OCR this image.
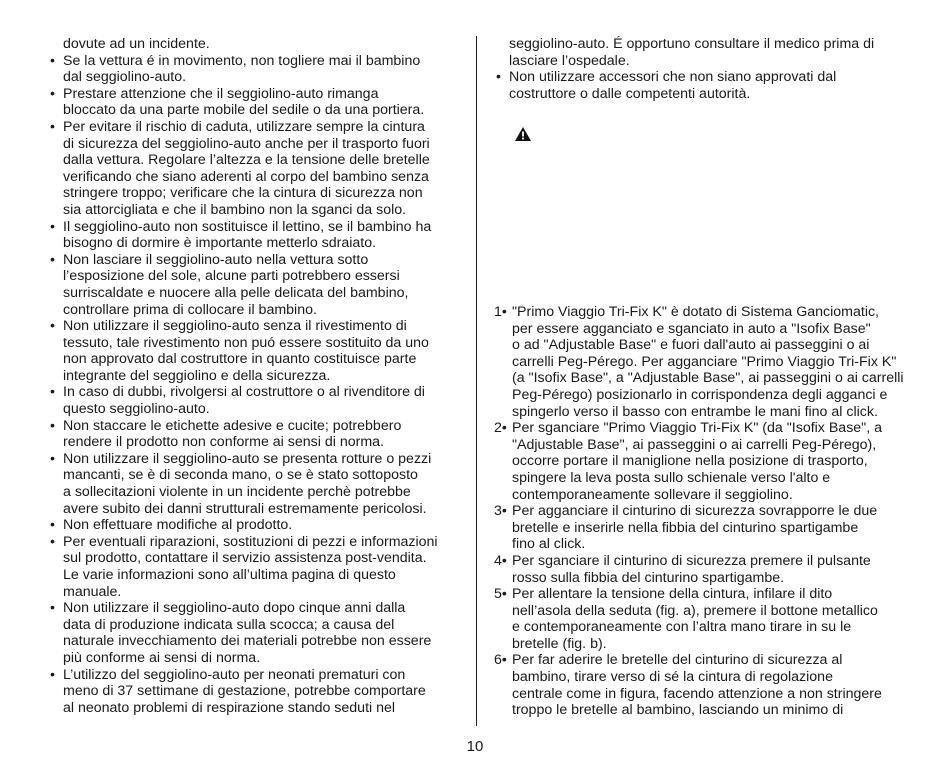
dovute ad un incidente.
• Se la vettura é in movimento, non togliere mai il bambino
dal seggiolino-auto.
• Prestare attenzione che il seggiolino-auto rimanga
bloccato da una parte mobile del sedile o da una portiera.
• Per evitare il rischio di caduta, utilizzare sempre la cintura
di sicurezza del seggiolino-auto anche per il trasporto fuori
dalla vettura. Regolare l’altezza e la tensione delle bretelle
verificando che siano aderenti al corpo del bambino senza
stringere troppo; verificare che la cintura di sicurezza non
sia attorcigliata e che il bambino non la sganci da solo.
• Il seggiolino-auto non sostituisce il lettino, se il bambino ha
bisogno di dormire è importante metterlo sdraiato.
• Non lasciare il seggiolino-auto nella vettura sotto
l’esposizione del sole, alcune parti potrebbero essersi
surriscaldate e nuocere alla pelle delicata del bambino,
controllare prima di collocare il bambino.
• Non utilizzare il seggiolino-auto senza il rivestimento di
tessuto, tale rivestimento non puó essere sostituito da uno
non approvato dal costruttore in quanto costituisce parte
integrante del seggiolino e della sicurezza.
• In caso di dubbi, rivolgersi al costruttore o al rivenditore di
questo seggiolino-auto.
• Non staccare le etichette adesive e cucite; potrebbero
rendere il prodotto non conforme ai sensi di norma.
• Non utilizzare il seggiolino-auto se presenta rotture o pezzi
mancanti, se è di seconda mano, o se è stato sottoposto
a sollecitazioni violente in un incidente perchè potrebbe
avere subito dei danni strutturali estremamente pericolosi.
• Non effettuare modifiche al prodotto.
• Per eventuali riparazioni, sostituzioni di pezzi e informazioni
sul prodotto, contattare il servizio assistenza post-vendita.
Le varie informazioni sono all’ultima pagina di questo
manuale.
• Non utilizzare il seggiolino-auto dopo cinque anni dalla
data di produzione indicata sulla scocca; a causa del
naturale invecchiamento dei materiali potrebbe non essere
più conforme ai sensi di norma.
• L’utilizzo del seggiolino-auto per neonati prematuri con
meno di 37 settimane di gestazione, potrebbe comportare
al neonato problemi di respirazione stando seduti nel
seggiolino-auto. É opportuno consultare il medico prima di
lasciare l’ospedale.
• Non utilizzare accessori che non siano approvati dal
costruttore o dalle competenti autorità.
1• "Primo Viaggio Tri-Fix K" è dotato di Sistema Ganciomatic,
per essere agganciato e sganciato in auto a "Isofix Base"
o ad "Adjustable Base" e fuori dall'auto ai passeggini o ai
carrelli Peg-Pérego. Per agganciare "Primo Viaggio Tri-Fix K"
(a "Isofix Base", a "Adjustable Base", ai passeggini o ai carrelli
Peg-Pérego) posizionarlo in corrispondenza degli agganci e
spingerlo verso il basso con entrambe le mani fino al click.
2• Per sganciare "Primo Viaggio Tri-Fix K" (da "Isofix Base", a
"Adjustable Base", ai passeggini o ai carrelli Peg-Pérego),
occorre portare il maniglione nella posizione di trasporto,
spingere la leva posta sullo schienale verso l'alto e
contemporaneamente sollevare il seggiolino.
3• Per agganciare il cinturino di sicurezza sovrapporre le due
bretelle e inserirle nella fibbia del cinturino spartigambe
fino al click.
4• Per sganciare il cinturino di sicurezza premere il pulsante
rosso sulla fibbia del cinturino spartigambe.
5• Per allentare la tensione della cintura, infilare il dito
nell’asola della seduta (fig. a), premere il bottone metallico
e contemporaneamente con l’altra mano tirare in su le
bretelle (fig. b).
6• Per far aderire le bretelle del cinturino di sicurezza al
bambino, tirare verso di sé la cintura di regolazione
centrale come in figura, facendo attenzione a non stringere
troppo le bretelle al bambino, lasciando un minimo di
10
